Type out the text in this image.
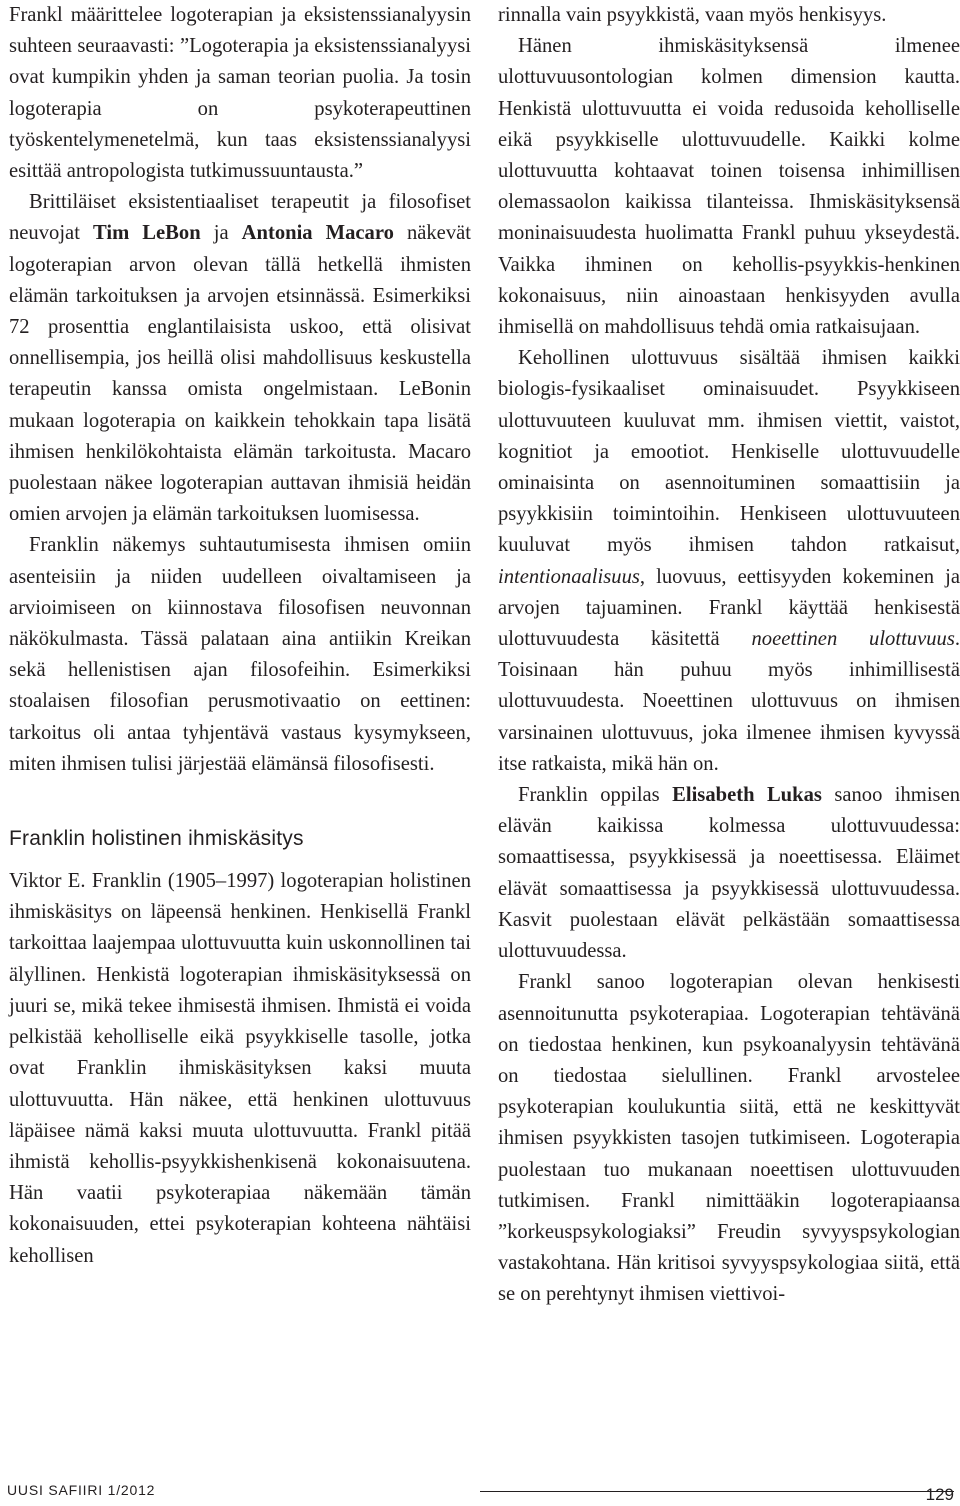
Frankl määrittelee logoterapian ja eksistenssianalyysin suhteen seuraavasti: ”Logoterapia ja eksistenssianalyysi ovat kumpikin yhden ja saman teorian puolia. Ja tosin logoterapia on psykoterapeuttinen työskentelymenetelmä, kun taas eksistenssianalyysi esittää antropologista tutkimussuuntausta.”

Brittiläiset eksistentiaaliset terapeutit ja filosofiset neuvojat Tim LeBon ja Antonia Macaro näkevät logoterapian arvon olevan tällä hetkellä ihmisten elämän tarkoituksen ja arvojen etsinnässä. Esimerkiksi 72 prosenttia englantilaisista uskoo, että olisivat onnellisempia, jos heillä olisi mahdollisuus keskustella terapeutin kanssa omista ongelmistaan. LeBonin mukaan logoterapia on kaikkein tehokkain tapa lisätä ihmisen henkilökohtaista elämän tarkoitusta. Macaro puolestaan näkee logoterapian auttavan ihmisiä heidän omien arvojen ja elämän tarkoituksen luomisessa.

Franklin näkemys suhtautumisesta ihmisen omiin asenteisiin ja niiden uudelleen oivaltamiseen ja arvioimiseen on kiinnostava filosofisen neuvonnan näkökulmasta. Tässä palataan aina antiikin Kreikan sekä hellenistisen ajan filosofeihin. Esimerkiksi stoalaisen filosofian perusmotivaatio on eettinen: tarkoitus oli antaa tyhjentävä vastaus kysymykseen, miten ihmisen tulisi järjestää elämänsä filosofisesti.

Franklin holistinen ihmiskäsitys

Viktor E. Franklin (1905–1997) logoterapian holistinen ihmiskäsitys on läpeensä henkinen. Henkisellä Frankl tarkoittaa laajempaa ulottuvuutta kuin uskonnollinen tai älyllinen. Henkistä logoterapian ihmiskäsityksessä on juuri se, mikä tekee ihmisestä ihmisen. Ihmistä ei voida pelkistää keholliselle eikä psyykkiselle tasolle, jotka ovat Franklin ihmiskäsityksen kaksi muuta ulottuvuutta. Hän näkee, että henkinen ulottuvuus läpäisee nämä kaksi muuta ulottuvuutta. Frankl pitää ihmistä kehollis-psyykkishenkisenä kokonaisuutena. Hän vaatii psykoterapiaa näkemään tämän kokonaisuuden, ettei psykoterapian kohteena nähtäisi kehollisen

rinnalla vain psyykkistä, vaan myös henkisyys.

Hänen ihmiskäsityksensä ilmenee ulottuvuusontologian kolmen dimension kautta. Henkistä ulottuvuutta ei voida redusoida keholliselle eikä psyykkiselle ulottuvuudelle. Kaikki kolme ulottuvuutta kohtaavat toinen toisensa inhimillisen olemassaolon kaikissa tilanteissa. Ihmiskäsityksensä moninaisuudesta huolimatta Frankl puhuu ykseydestä. Vaikka ihminen on kehollis-psyykkis-henkinen kokonaisuus, niin ainoastaan henkisyyden avulla ihmisellä on mahdollisuus tehdä omia ratkaisujaan.

Kehollinen ulottuvuus sisältää ihmisen kaikki biologis-fysikaaliset ominaisuudet. Psyykkiseen ulottuvuuteen kuuluvat mm. ihmisen viettit, vaistot, kognitiot ja emootiot. Henkiselle ulottuvuudelle ominaisinta on asennoituminen somaattisiin ja psyykkisiin toimintoihin. Henkiseen ulottuvuuteen kuuluvat myös ihmisen tahdon ratkaisut, intentionaalisuus, luovuus, eettisyyden kokeminen ja arvojen tajuaminen. Frankl käyttää henkisestä ulottuvuudesta käsitettä noeettinen ulottuvuus. Toisinaan hän puhuu myös inhimillisestä ulottuvuudesta. Noeettinen ulottuvuus on ihmisen varsinainen ulottuvuus, joka ilmenee ihmisen kyvyssä itse ratkaista, mikä hän on.

Franklin oppilas Elisabeth Lukas sanoo ihmisen elävän kaikissa kolmessa ulottuvuudessa: somaattisessa, psyykkisessä ja noeettisessa. Eläimet elävät somaattisessa ja psyykkisessä ulottuvuudessa. Kasvit puolestaan elävät pelkästään somaattisessa ulottuvuudessa.

Frankl sanoo logoterapian olevan henkisesti asennoitunutta psykoterapiaa. Logoterapian tehtävänä on tiedostaa henkinen, kun psykoanalyysin tehtävänä on tiedostaa sielullinen. Frankl arvostelee psykoterapian koulukuntia siitä, että ne keskittyvät ihmisen psyykkisten tasojen tutkimiseen. Logoterapia puolestaan tuo mukanaan noeettisen ulottuvuuden tutkimisen. Frankl nimittääkin logoterapiaansa ”korkeuspsykologiaksi” Freudin syvyyspsykologian vastakohtana. Hän kritisoi syvyyspsykologiaa siitä, että se on perehtynyt ihmisen viettivoi-

UUSI SAFIIRI 1/2012	129
